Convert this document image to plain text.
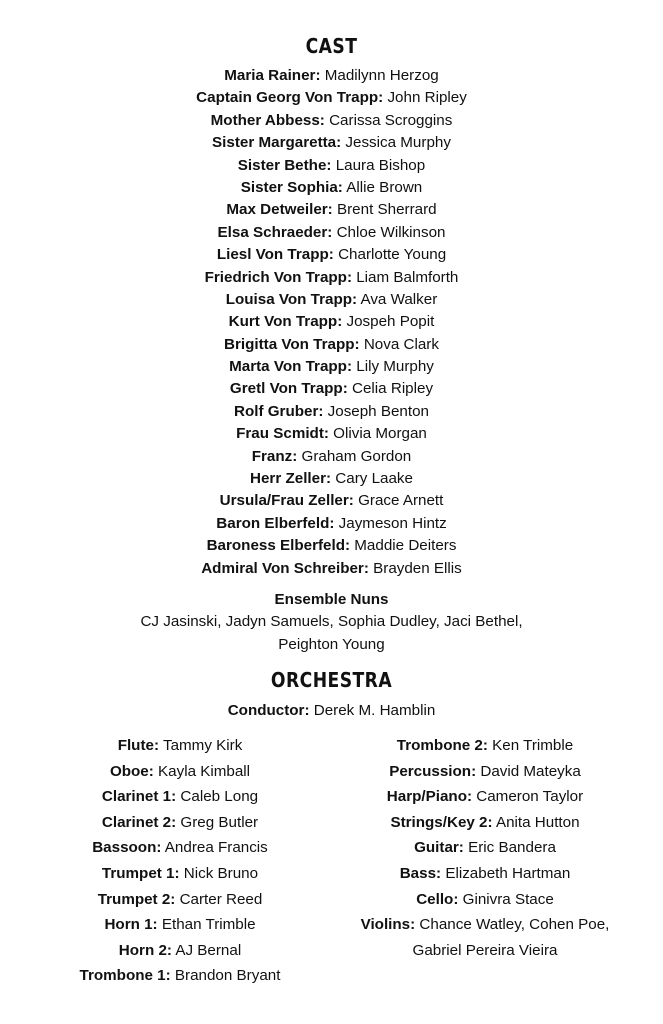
CAST
Maria Rainer: Madilynn Herzog
Captain Georg Von Trapp: John Ripley
Mother Abbess: Carissa Scroggins
Sister Margaretta: Jessica Murphy
Sister Bethe: Laura Bishop
Sister Sophia: Allie Brown
Max Detweiler: Brent Sherrard
Elsa Schraeder: Chloe Wilkinson
Liesl Von Trapp: Charlotte Young
Friedrich Von Trapp: Liam Balmforth
Louisa Von Trapp: Ava Walker
Kurt Von Trapp: Jospeh Popit
Brigitta Von Trapp: Nova Clark
Marta Von Trapp: Lily Murphy
Gretl Von Trapp: Celia Ripley
Rolf Gruber: Joseph Benton
Frau Scmidt: Olivia Morgan
Franz: Graham Gordon
Herr Zeller: Cary Laake
Ursula/Frau Zeller: Grace Arnett
Baron Elberfeld: Jaymeson Hintz
Baroness Elberfeld: Maddie Deiters
Admiral Von Schreiber: Brayden Ellis
Ensemble Nuns
CJ Jasinski, Jadyn Samuels, Sophia Dudley, Jaci Bethel, Peighton Young
ORCHESTRA
Conductor: Derek M. Hamblin
Flute: Tammy Kirk
Oboe: Kayla Kimball
Clarinet 1: Caleb Long
Clarinet 2: Greg Butler
Bassoon: Andrea Francis
Trumpet 1: Nick Bruno
Trumpet 2: Carter Reed
Horn 1: Ethan Trimble
Horn 2: AJ Bernal
Trombone 1: Brandon Bryant
Trombone 2: Ken Trimble
Percussion: David Mateyka
Harp/Piano: Cameron Taylor
Strings/Key 2: Anita Hutton
Guitar: Eric Bandera
Bass: Elizabeth Hartman
Cello: Ginivra Stace
Violins: Chance Watley, Cohen Poe,
Gabriel Pereira Vieira
